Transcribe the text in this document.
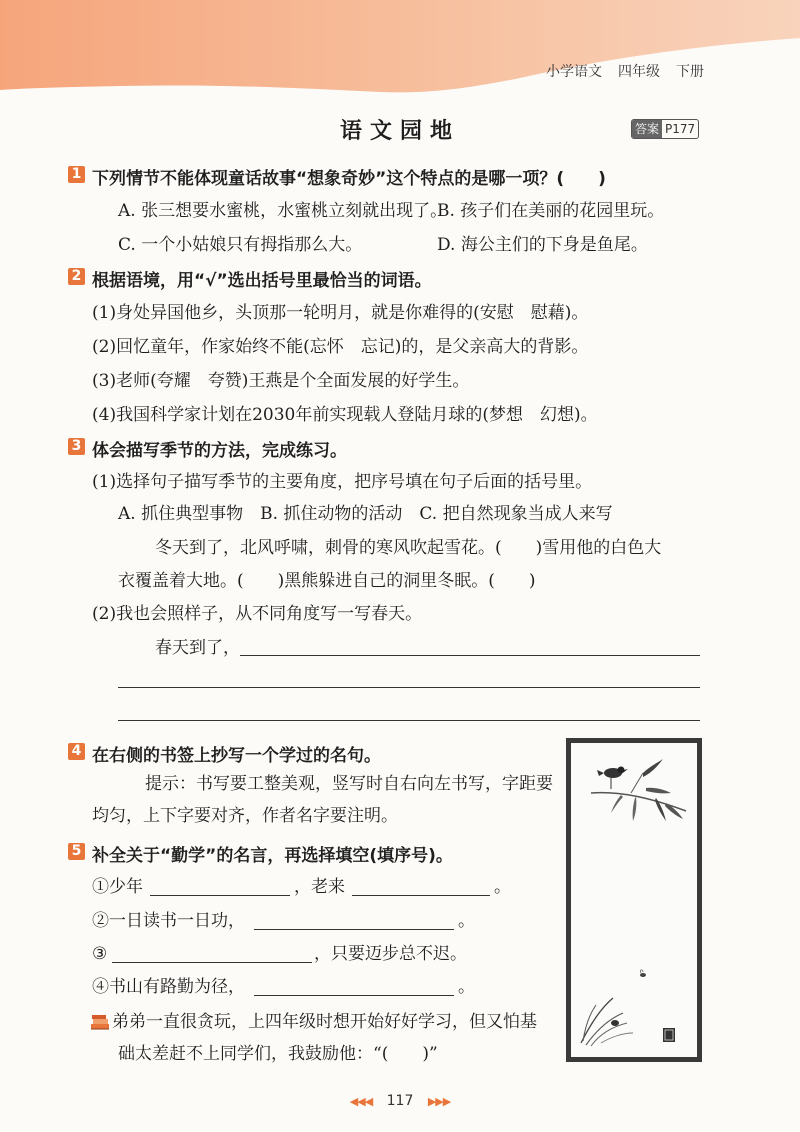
小学语文 四年级 下册
语文园地	答案 P177
1 下列情节不能体现童话故事“想象奇妙”这个特点的是哪一项？(　　)
A. 张三想要水蜜桃，水蜜桃立刻就出现了。
B. 孩子们在美丽的花园里玩。
C. 一个小姑娘只有拇指那么大。	D. 海公主们的下身是鱼尾。
2 根据语境，用“√”选出括号里最恰当的词语。
(1)身处异国他乡，头顶那一轮明月，就是你难得的(安慰　慰藉)。
(2)回忆童年，作家始终不能(忘怀　忘记)的，是父亲高大的背影。
(3)老师(夸耀　夸赞)王燕是个全面发展的好学生。
(4)我国科学家计划在2030年前实现载人登陆月球的(梦想　幻想)。
3 体会描写季节的方法，完成练习。
(1)选择句子描写季节的主要角度，把序号填在句子后面的括号里。
A. 抓住典型事物　B. 抓住动物的活动　C. 把自然现象当成人来写
冬天到了，北风呼啸，刺骨的寒风吹起雪花。(　　)雪用他的白色大
衣覆盖着大地。(　　)黑熊躲进自己的洞里冬眠。(　　)
(2)我也会照样子，从不同角度写一写春天。
春天到了，
4 在右侧的书签上抄写一个学过的名句。
提示：书写要工整美观，竖写时自右向左书写，字距要
均匀，上下字要对齐，作者名字要注明。
5 补全关于“勤学”的名言，再选择填空(填序号)。
①少年	，老来	。
②一日读书一日功，	。
③	，只要迈步总不迟。
④书山有路勤为径，	。
弟弟一直很贪玩，上四年级时想开始好好学习，但又怕基
础太差赶不上同学们，我鼓励他：“(　　)”
◀◀◀ 117 ▶▶▶
